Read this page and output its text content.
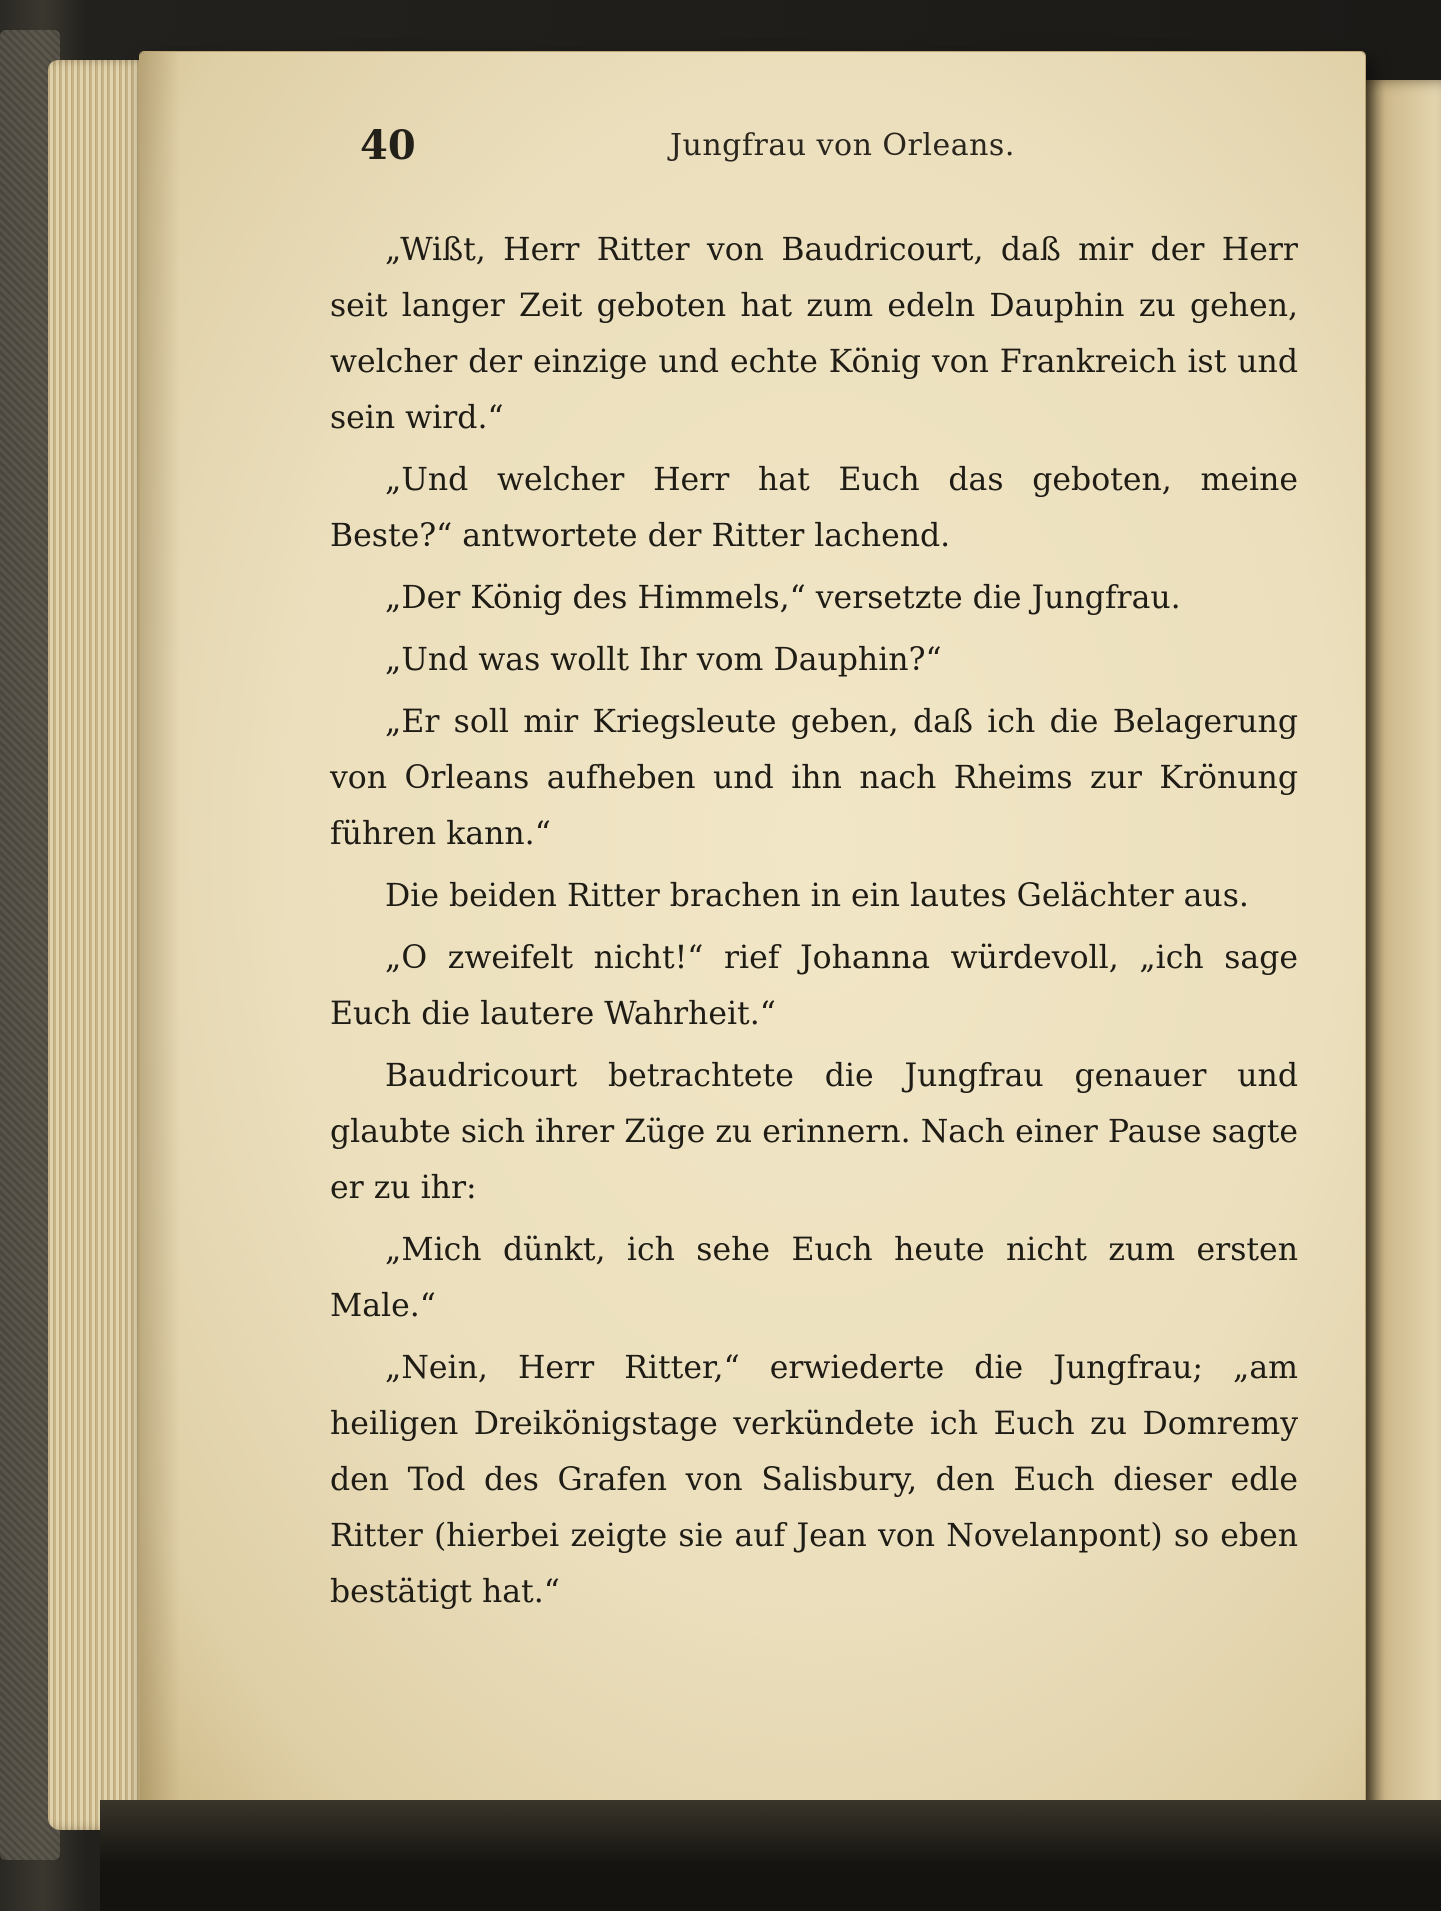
40	Jungfrau von Orleans.

„Wißt, Herr Ritter von Baudricourt, daß mir der Herr seit langer Zeit geboten hat zum edeln Dauphin zu gehen, welcher der einzige und echte König von Frankreich ist und sein wird.“

„Und welcher Herr hat Euch das geboten, meine Beste?“ antwortete der Ritter lachend.

„Der König des Himmels,“ versetzte die Jungfrau.

„Und was wollt Ihr vom Dauphin?“

„Er soll mir Kriegsleute geben, daß ich die Belagerung von Orleans aufheben und ihn nach Rheims zur Krönung führen kann.“

Die beiden Ritter brachen in ein lautes Gelächter aus.

„O zweifelt nicht!“ rief Johanna würdevoll, „ich sage Euch die lautere Wahrheit.“

Baudricourt betrachtete die Jungfrau genauer und glaubte sich ihrer Züge zu erinnern. Nach einer Pause sagte er zu ihr:

„Mich dünkt, ich sehe Euch heute nicht zum ersten Male.“

„Nein, Herr Ritter,“ erwiederte die Jungfrau; „am heiligen Dreikönigstage verkündete ich Euch zu Domremy den Tod des Grafen von Salisbury, den Euch dieser edle Ritter (hierbei zeigte sie auf Jean von Novelanpont) so eben bestätigt hat.“
